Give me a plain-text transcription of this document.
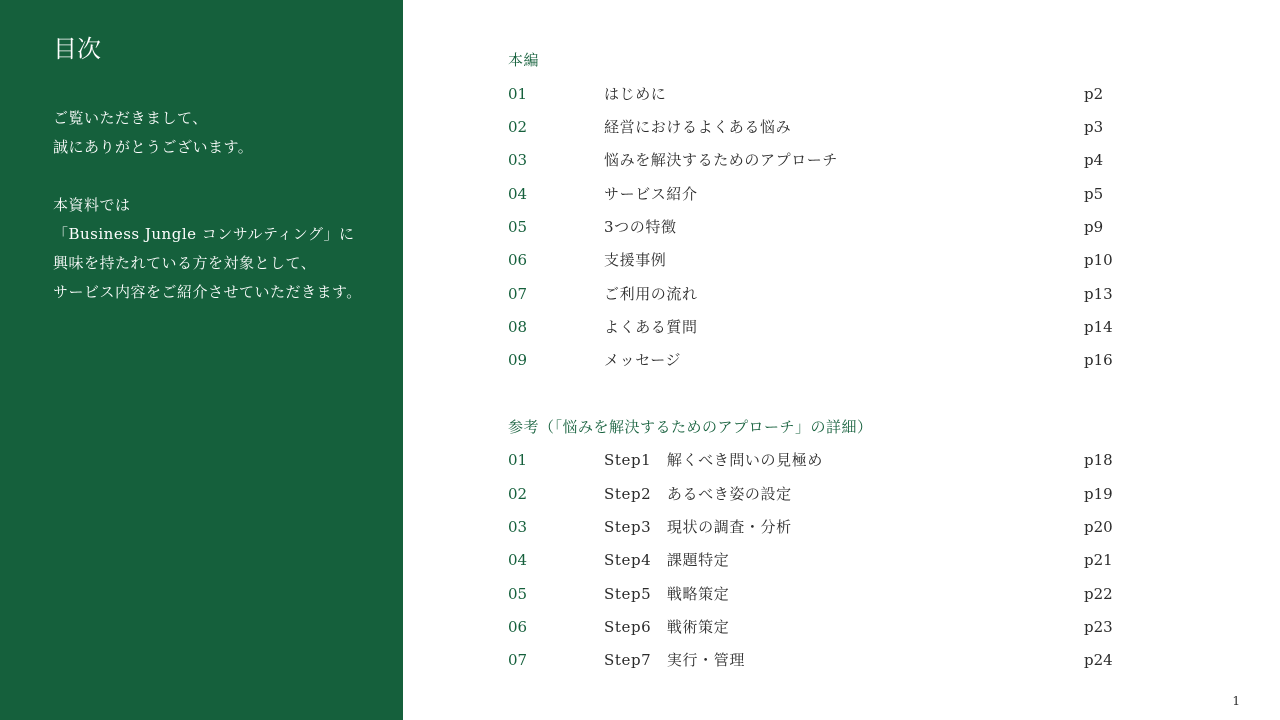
目次
ご覧いただきまして、
誠にありがとうございます。
本資料では
「Business Jungle コンサルティング」に
興味を持たれている方を対象として、
サービス内容をご紹介させていただきます。
本編
01	はじめに	p2
02	経営におけるよくある悩み	p3
03	悩みを解決するためのアプローチ	p4
04	サービス紹介	p5
05	3つの特徴	p9
06	支援事例	p10
07	ご利用の流れ	p13
08	よくある質問	p14
09	メッセージ	p16
参考（「悩みを解決するためのアプローチ」の詳細）
01	Step1　解くべき問いの見極め	p18
02	Step2　あるべき姿の設定	p19
03	Step3　現状の調査・分析	p20
04	Step4　課題特定	p21
05	Step5　戦略策定	p22
06	Step6　戦術策定	p23
07	Step7　実行・管理	p24
1
